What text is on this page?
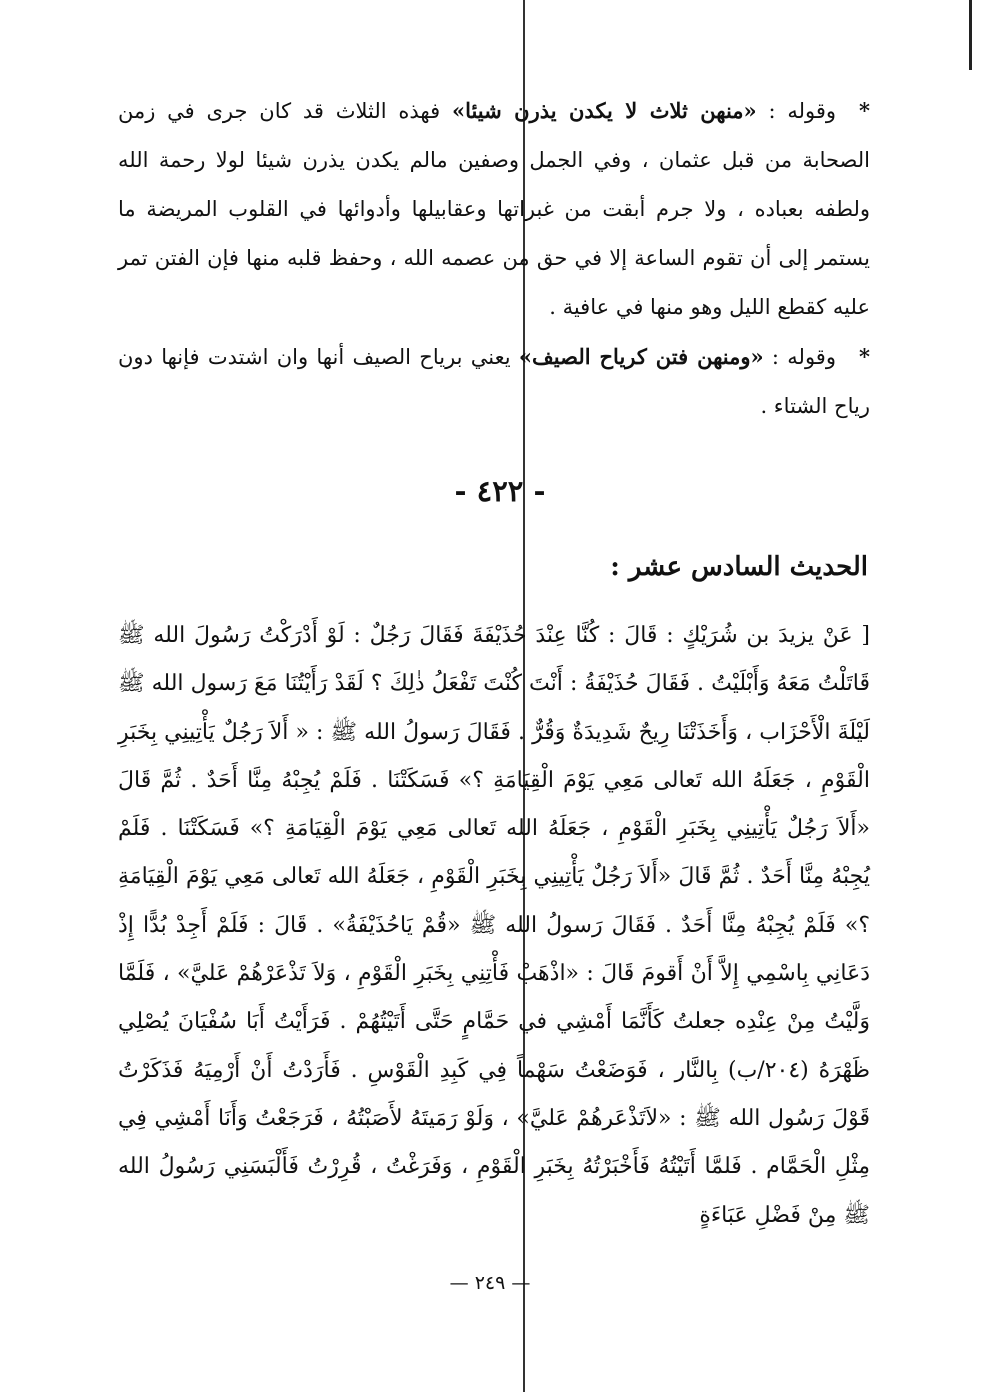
*وقوله : «منهن ثلاث لا يكدن يذرن شيئا» فهذه الثلاث قد كان جرى في زمن الصحابة من قبل عثمان ، وفي الجمل وصفين مالم يكدن يذرن شيئا لولا رحمة الله ولطفه بعباده ، ولا جرم أبقت من غبراتها وعقابيلها وأدوائها في القلوب المريضة ما يستمر إلى أن تقوم الساعة إلا في حق من عصمه الله ، وحفظ قلبه منها فإن الفتن تمر عليه كقطع الليل وهو منها في عافية .
*وقوله : «ومنهن فتن كرياح الصيف» يعني برياح الصيف أنها وان اشتدت فإنها دون رياح الشتاء .
- ٤٢٢ -
الحديث السادس عشر :
[ عَنْ يزيدَ بن شُرَيْكٍ : قَالَ : كُنَّا عِنْدَ حُذَيْفَةَ فَقَالَ رَجُلٌ : لَوْ أَدْرَكْتُ رَسُولَ الله ﷺ قَاتَلْتُ مَعَهُ وَأَبْلَيْتُ . فَقَالَ حُذَيْفَةُ : أَنْتَ كُنْتَ تَفْعَلُ ذٰلِكَ ؟ لَقَدْ رَأَيْتُنَا مَعَ رَسول الله ﷺ لَيْلَةَ الْأَحْزَاب ، وَأَخَذَتْنَا رِيحٌ شَدِيدَةٌ وَقُرٌّ . فَقَالَ رَسولُ الله ﷺ : « أَلاَ رَجُلٌ يَأْتِينِي بِخَبَرِ الْقَوْمِ ، جَعَلَهُ الله تَعالى مَعِي يَوْمَ الْقِيَامَةِ ؟» فَسَكَتْنَا . فَلَمْ يُجِبْهُ مِنَّا أَحَدٌ . ثُمَّ قَالَ «أَلاَ رَجُلٌ يَأْتِينِي بِخَبَرِ الْقَوْمِ ، جَعَلَهُ الله تَعالى مَعِي يَوْمَ الْقِيَامَةِ ؟» فَسَكَتْنَا . فَلَمْ يُجِبْهُ مِنَّا أَحَدٌ . ثُمَّ قَالَ «أَلاَ رَجُلٌ يَأْتِينِي بِخَبَرِ الْقَوْمِ ، جَعَلَهُ الله تَعالى مَعِي يَوْمَ الْقِيَامَةِ ؟» فَلَمْ يُجِبْهُ مِنَّا أَحَدٌ . فَقَالَ رَسولُ الله ﷺ «قُمْ يَاحُذَيْفَةُ» . قَالَ : فَلَمْ أَجِدْ بُدًّا إِذْ دَعَانِي بِاسْمِي إِلاَّ أَنْ أَقومَ قَالَ : «اذْهَبْ فَأْتِنِي بِخَبَرِ الْقَوْمِ ، وَلاَ تَذْعَرْهُمْ عَليَّ» ، فَلَمَّا وَلَّيْتُ مِنْ عِنْدِه جعلتُ كَأَنَّمَا أَمْشِي في حَمَّامٍ حَتَّى أَتَيْتُهُمْ . فَرَأَيْتُ أَبَا سُفْيَانَ يُصْلِي ظَهْرَهُ (٢٠٤/ب) بِالنَّار ، فَوَضَعْتُ سَهْماً فِي كَبِدِ الْقَوْسِ . فَأَرَدْتُ أَنْ أَرْمِيَهُ فَذَكَرْتُ قَوْلَ رَسُول الله ﷺ : «لاَتَذْعَرهُمْ عَليَّ» ، وَلَوْ رَمَيتَهُ لأَصَبْتُهُ ، فَرَجَعْتُ وَأَنَا أَمْشِي فِي مِثْلِ الْحَمَّام . فَلمَّا أَتَيْتُهُ فَأَخْبَرْتُهُ بِخَبَرِ الْقَوْمِ ، وَفَرَغْتُ ، قُرِرْتُ فَأَلْبَسَنِي رَسُولُ الله ﷺ مِنْ فَضْلِ عَبَاءَةٍ
— ٢٤٩ —
